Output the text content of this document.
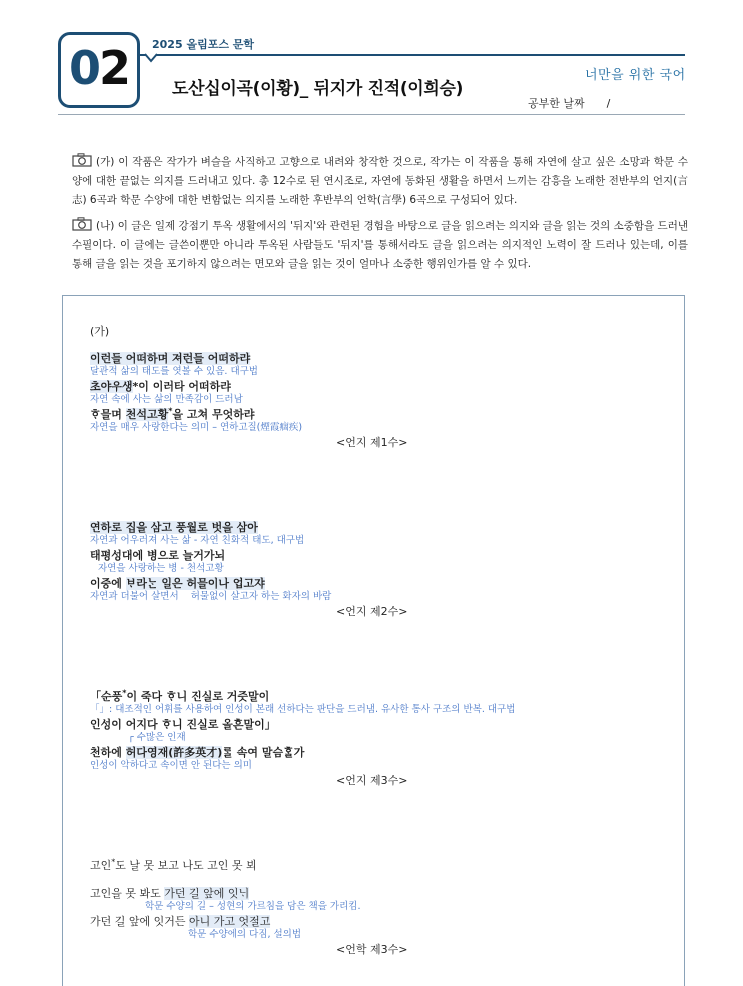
02	2025 올림포스 문학
도산십이곡(이황)_ 뒤지가 진적(이희승)
너만을 위한 국어
공부한 날짜 /
(가) 이 작품은 작가가 벼슬을 사직하고 고향으로 내려와 창작한 것으로, 작가는 이 작품을 통해 자연에 살고 싶은 소망과 학문 수양에 대한 끝없는 의지를 드러내고 있다. 총 12수로 된 연시조로, 자연에 동화된 생활을 하면서 느끼는 감흥을 노래한 전반부의 언지(言志) 6곡과 학문 수양에 대한 변함없는 의지를 노래한 후반부의 언학(言學) 6곡으로 구성되어 있다.
(나) 이 글은 일제 강점기 투옥 생활에서의 '뒤지'와 관련된 경험을 바탕으로 글을 읽으려는 의지와 글을 읽는 것의 소중함을 드러낸 수필이다. 이 글에는 글쓴이뿐만 아니라 투옥된 사람들도 '뒤지'를 통해서라도 글을 읽으려는 의지적인 노력이 잘 드러나 있는데, 이를 통해 글을 읽는 것을 포기하지 않으려는 면모와 글을 읽는 것이 얼마나 소중한 행위인가를 알 수 있다.
(가)
이런들 어떠하며 져런들 어떠하랴
달관적 삶의 태도를 엿볼 수 있음. 대구법
초야우생*이 이러타 어떠하랴
자연 속에 사는 삶의 만족감이 드러남
ᄒᆞ믈며 천석고황*을 고쳐 무엇하랴
자연을 매우 사랑한다는 의미 – 연하고질(煙霞痼疾)
<언지 제1수>
연하로 집을 삼고 풍월로 벗을 삼아
자연과 어우러져 사는 삶 - 자연 친화적 태도, 대구법
태평성대에 병으로 늘거가뇌
자연을 사랑하는 병 - 천석고황
이중에 ᄇᆞ라ᄂᆞᆫ 일은 허믈이나 업고쟈
자연과 더불어 살면서 허물없이 살고자 하는 화자의 바람
<언지 제2수>
「순풍*이 죽다 ᄒᆞ니 진실로 거즛말이
「」: 대조적인 어휘를 사용하여 인성이 본래 선하다는 판단을 드러냄. 유사한 통사 구조의 반복. 대구법
인성이 어지다 ᄒᆞ니 진실로 올흔말이」
┌ 수많은 인재
천하에 허다영재(許多英才)ᄅᆞᆯ 속여 말슴ᄒᆞᆯ가
인성이 악하다고 속이면 안 된다는 의미
<언지 제3수>
고인*도 날 못 보고 나도 고인 못 뵈
고인을 못 봐도 가던 길 앞에 잇ᄂᆡ
학문 수양의 길 – 성현의 가르침을 담은 책을 가리킴.
가던 길 앞에 잇거든 아니 가고 엇절고
학문 수양에의 다짐, 설의법
<언학 제3수>
